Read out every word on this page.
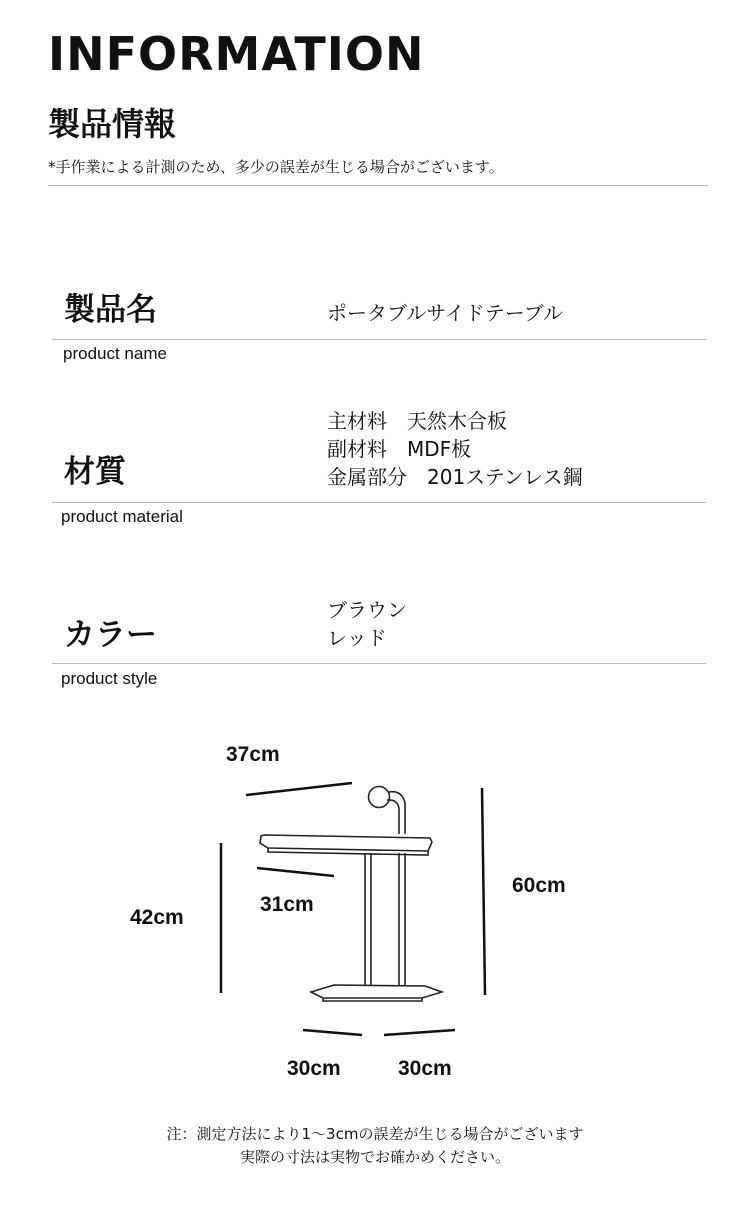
INFORMATION
製品情報
*手作業による計測のため、多少の誤差が生じる場合がございます。
製品名	ポータブルサイドテーブル
product name
主材料　天然木合板
副材料　MDF板
金属部分　201ステンレス鋼
材質
product material
ブラウン
レッド
カラー
product style
37cm
31cm
42cm
60cm
30cm	30cm
注：測定方法により1〜3cmの誤差が生じる場合がございます
実際の寸法は実物でお確かめください。
